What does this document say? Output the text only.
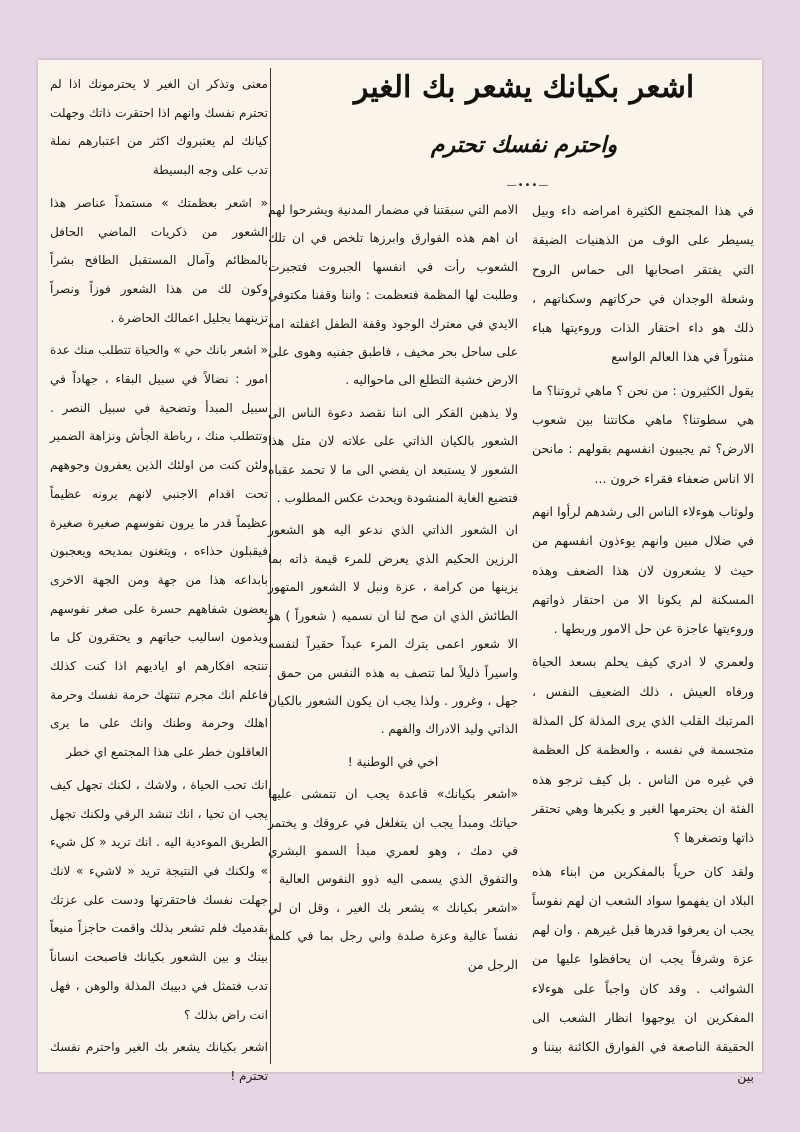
اشعر بكيانك يشعر بك الغير
واحترم نفسك تحترم
—•••—

في هذا المجتمع الكثيرة امراضه داء وبيل يسيطر على الوف من الذهنيات الضيقة التي يفتقر اصحابها الى حماس الروح وشعلة الوجدان في حركاتهم وسكناتهم ، ذلك هو داء احتقار الذات وروءيتها هباء منثوراً في هذا العالم الواسع

يقول الكثيرون : من نحن ؟ ماهي ثروتنا؟ ما هي سطوتنا؟ ماهي مكانتنا بين شعوب الارض؟ ثم يجيبون انفسهم بقولهم : مانحن الا اناس ضعفاء فقراء خرون ...

ولوثاب هوءلاء الناس الى رشدهم لرأوا انهم في ضلال مبين وانهم يوءذون انفسهم من حيث لا يشعرون لان هذا الضعف وهذه المسكنة لم يكونا الا من احتقار ذواتهم وروءيتها عاجزة عن حل الامور وربطها .

ولعمري لا ادري كيف يحلم بسعد الحياة ورفاه العيش ، ذلك الضعيف النفس ، المرتبك القلب الذي يرى المذلة كل المذلة متجسمة في نفسه ، والعظمة كل العظمة في غيره من الناس . بل كيف ترجو هذه الفئة ان يحترمها الغير و يكبرها وهي تحتقر ذاتها وتصغرها ؟

ولقد كان حرياً بالمفكرين من ابناء هذه البلاد ان يفهموا سواد الشعب ان لهم نفوساً يجب ان يعرفوا قدرها قبل غيرهم . وان لهم عزة وشرفاً يجب ان يحافظوا عليها من الشوائب . وقد كان واجباً على هوءلاء المفكرين ان يوجهوا انظار الشعب الى الحقيقة الناصعة في الفوارق الكائنة بيننا و بين

الامم التي سبقتنا في مضمار المدنية ويشرحوا لهم ان اهم هذه الفوارق وابرزها تلخص في ان تلك الشعوب رأت في انفسها الجبروت فتجبرت وطلبت لها المظمة فتعظمت : واننا وقفنا مكتوفي الايدي في معترك الوجود وقفة الطفل اغفلته امه على ساحل بحر مخيف ، فاطبق جفنيه وهوى على الارض خشية التطلع الى ماحواليه .

ولا يذهبن الفكر الى اننا نقصد دعوة الناس الى الشعور بالكيان الذاتي على علاته لان مثل هذا الشعور لا يستبعد ان يفضي الى ما لا تحمد عقباه فتضيع الغاية المنشودة ويحدث عكس المطلوب .

ان الشعور الذاتي الذي ندعو اليه هو الشعور الرزين الحكيم الذي يعرض للمرء قيمة ذاته بما يزينها من كرامة ، عزة ونبل لا الشعور المتهور الطائش الذي ان صح لنا ان نسميه ( شعوراً ) هو الا شعور اعمى يترك المرء عبداً حقيراً لنفسه واسيراً ذليلاً لما تتصف به هذه النفس من حمق ، جهل ، وغرور . ولذا يجب ان يكون الشعور بالكيان الذاتي وليد الادراك والفهم .

اخي في الوطنية !

«اشعر بكيانك» قاعدة يجب ان تتمشى عليها حياتك ومبدأ يجب ان يتغلغل في عروقك و يختمر في دمك ، وهو لعمري مبدأ السمو البشري والتفوق الذي يسمى اليه ذوو النفوس العالية . «اشعر بكيانك » يشعر بك الغير ، وقل ان لي نفساً عالية وعزة صلدة واني رجل بما في كلمة الرجل من

معنى وتذكر ان الغير لا يحترمونك اذا لم تحترم نفسك وانهم اذا احتقرت ذاتك وجهلت كيانك لم يعتبروك اكثر من اعتبارهم نملة تدب على وجه البسيطة

« اشعر بعظمتك » مستمداً عناصر هذا الشعور من ذكريات الماضي الحافل بالمظائم وآمال المستقبل الطافح بشراً وكون لك من هذا الشعور فوزاً ونصراً تزينهما بجليل اعمالك الحاضرة .

« اشعر بانك حي » والحياة تتطلب منك عدة امور : نضالاً في سبيل البقاء ، جهاداً في سبيل المبدأ وتضحية في سبيل النصر . وتتطلب منك ، رباطة الجأش ونزاهة الضمير ولئن كنت من اولئك الذين يعفرون وجوههم تحت اقدام الاجنبي لانهم يرونه عظيماً عظيماً قدر ما يرون نفوسهم صغيرة صغيرة فيقبلون حذاءه ، ويتغنون بمديحه ويعجبون بابداعه هذا من جهة ومن الجهة الاخرى يعضون شفاههم حسرة على صغر نفوسهم ويذمون اساليب حياتهم و يحتقرون كل ما تنتجه افكارهم او اياديهم اذا كنت كذلك فاعلم انك مجرم تنتهك حرمة نفسك وحرمة اهلك وحرمة وطنك وانك على ما يرى العاقلون خطر على هذا المجتمع اي خطر

انك تحب الحياة ، ولاشك ، لكنك تجهل كيف يجب ان تحيا ، انك تنشد الرقي ولكنك تجهل الطريق الموءدية اليه . انك تريد « كل شيء » ولكنك في النتيجة تريد « لاشيء » لانك جهلت نفسك فاحتقرتها ودست على عزتك بقدميك فلم تشعر بذلك واقمت حاجزاً منيعاً بينك و بين الشعور بكيانك فاصبحت انساناً تدب فتمثل في دبيبك المذلة والوهن ، فهل انت راض بذلك ؟

اشعر بكيانك يشعر بك الغير واحترم نفسك تحترم !
